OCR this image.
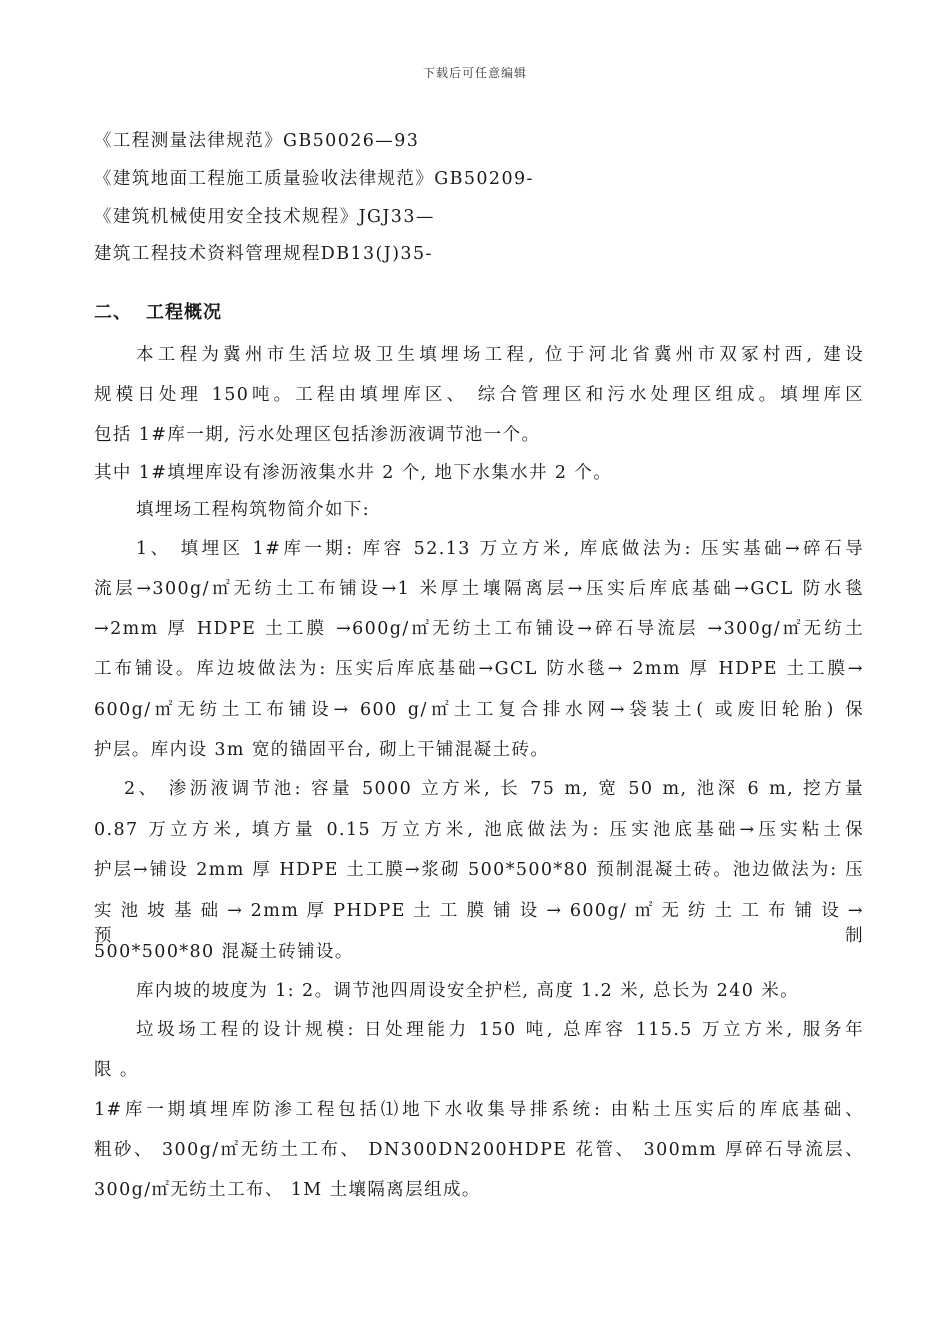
下载后可任意编辑
《工程测量法律规范》GB50026—93
《建筑地面工程施工质量验收法律规范》GB50209-
《建筑机械使用安全技术规程》JGJ33—
建筑工程技术资料管理规程DB13(J)35-
二、 工程概况
本工程为冀州市生活垃圾卫生填埋场工程, 位于河北省冀州市双冢村西, 建设
规模日处理 150吨。工程由填埋库区、 综合管理区和污水处理区组成。填埋库区
包括 1#库一期, 污水处理区包括渗沥液调节池一个。
其中 1#填埋库设有渗沥液集水井 2 个, 地下水集水井 2 个。
填埋场工程构筑物简介如下:
1、 填埋区 1#库一期: 库容 52.13 万立方米, 库底做法为: 压实基础→碎石导
流层→300g/㎡无纺土工布铺设→1 米厚土壤隔离层→压实后库底基础→GCL 防水毯
→2mm 厚 HDPE 土工膜 →600g/㎡无纺土工布铺设→碎石导流层 →300g/㎡无纺土
工布铺设。库边坡做法为: 压实后库底基础→GCL 防水毯→ 2mm 厚 HDPE 土工膜→
600g/㎡无纺土工布铺设→ 600 g/㎡土工复合排水网→袋装土( 或废旧轮胎) 保
护层。库内设 3m 宽的锚固平台, 砌上干铺混凝土砖。
2、 渗沥液调节池: 容量 5000 立方米, 长 75 m, 宽 50 m, 池深 6 m, 挖方量
0.87 万立方米, 填方量 0.15 万立方米, 池底做法为: 压实池底基础→压实粘土保
护层→铺设 2mm 厚 HDPE 土工膜→浆砌 500*500*80 预制混凝土砖。池边做法为: 压
实 池 坡 基 础 → 2mm 厚 PHDPE 土 工 膜 铺 设 → 600g/ ㎡ 无 纺 土 工 布 铺 设 → 预 制
500*500*80 混凝土砖铺设。
库内坡的坡度为 1: 2。调节池四周设安全护栏, 高度 1.2 米, 总长为 240 米。
垃圾场工程的设计规模: 日处理能力 150 吨, 总库容 115.5 万立方米, 服务年
限 。
1#库一期填埋库防渗工程包括⑴地下水收集导排系统: 由粘土压实后的库底基础、
粗砂、 300g/㎡无纺土工布、 DN300DN200HDPE 花管、 300mm 厚碎石导流层、
300g/㎡无纺土工布、 1M 土壤隔离层组成。
